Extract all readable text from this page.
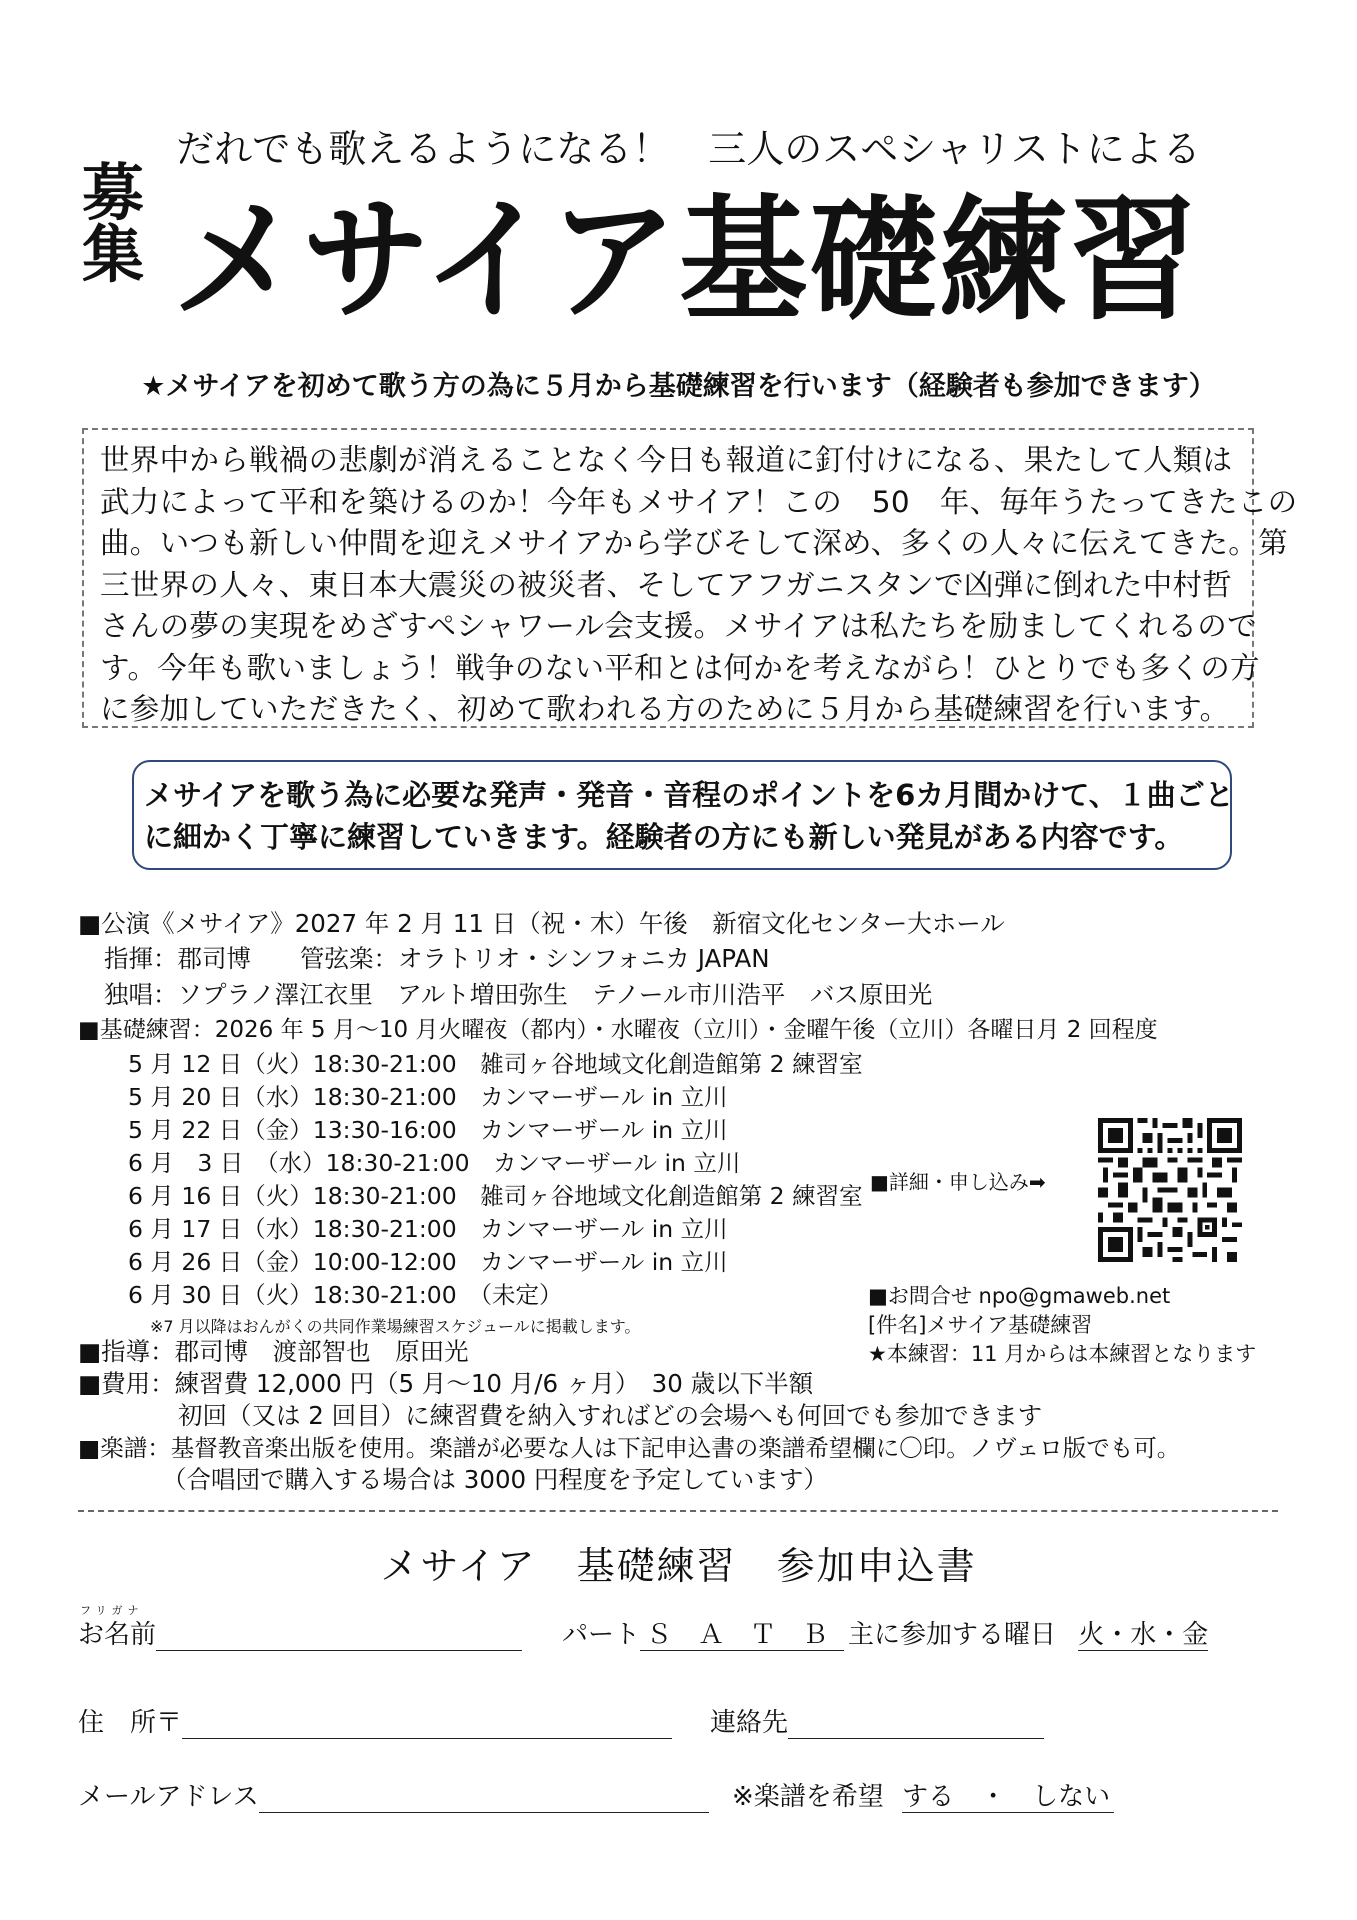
だれでも歌えるようになる！　三人のスペシャリストによる
募
集 メサイア基礎練習
★メサイアを初めて歌う方の為に５月から基礎練習を行います（経験者も参加できます）
世界中から戦禍の悲劇が消えることなく今日も報道に釘付けになる、果たして人類は
武力によって平和を築けるのか！今年もメサイア！この　50　年、毎年うたってきたこの
曲。いつも新しい仲間を迎えメサイアから学びそして深め、多くの人々に伝えてきた。第
三世界の人々、東日本大震災の被災者、そしてアフガニスタンで凶弾に倒れた中村哲
さんの夢の実現をめざすペシャワール会支援。メサイアは私たちを励ましてくれるので
す。今年も歌いましょう！戦争のない平和とは何かを考えながら！ひとりでも多くの方
に参加していただきたく、初めて歌われる方のために５月から基礎練習を行います。
メサイアを歌う為に必要な発声・発音・音程のポイントを6カ月間かけて、１曲ごと
に細かく丁寧に練習していきます。経験者の方にも新しい発見がある内容です。
■公演《メサイア》2027 年 2 月 11 日（祝・木）午後　新宿文化センター大ホール
指揮：郡司博　　管弦楽：オラトリオ・シンフォニカ JAPAN
独唱：ソプラノ澤江衣里　アルト増田弥生　テノール市川浩平　バス原田光
■基礎練習：2026 年 5 月～10 月火曜夜（都内）・水曜夜（立川）・金曜午後（立川）各曜日月 2 回程度
5 月 12 日（火）18:30-21:00　雑司ヶ谷地域文化創造館第 2 練習室
5 月 20 日（水）18:30-21:00　カンマーザール in 立川
5 月 22 日（金）13:30-16:00　カンマーザール in 立川
6 月　3 日　（水）18:30-21:00　カンマーザール in 立川
6 月 16 日（火）18:30-21:00　雑司ヶ谷地域文化創造館第 2 練習室
6 月 17 日（水）18:30-21:00　カンマーザール in 立川
6 月 26 日（金）10:00-12:00　カンマーザール in 立川
6 月 30 日（火）18:30-21:00　（未定）
※7 月以降はおんがくの共同作業場練習スケジュールに掲載します。
■指導：郡司博　渡部智也　原田光
■費用：練習費 12,000 円（5 月～10 月/6 ヶ月）　30 歳以下半額
初回（又は 2 回目）に練習費を納入すればどの会場へも何回でも参加できます
■楽譜：基督教音楽出版を使用。楽譜が必要な人は下記申込書の楽譜希望欄に〇印。ノヴェロ版でも可。
（合唱団で購入する場合は 3000 円程度を予定しています）
■詳細・申し込み➡
■お問合せ npo@gmaweb.net
[件名]メサイア基礎練習
★本練習：11 月からは本練習となります
メサイア　基礎練習　参加申込書
フリガナ
お名前	パート Ｓ　Ａ　Ｔ　Ｂ 主に参加する曜日 火・水・金
住　所〒	連絡先
メールアドレス	※楽譜を希望 する　・　しない
